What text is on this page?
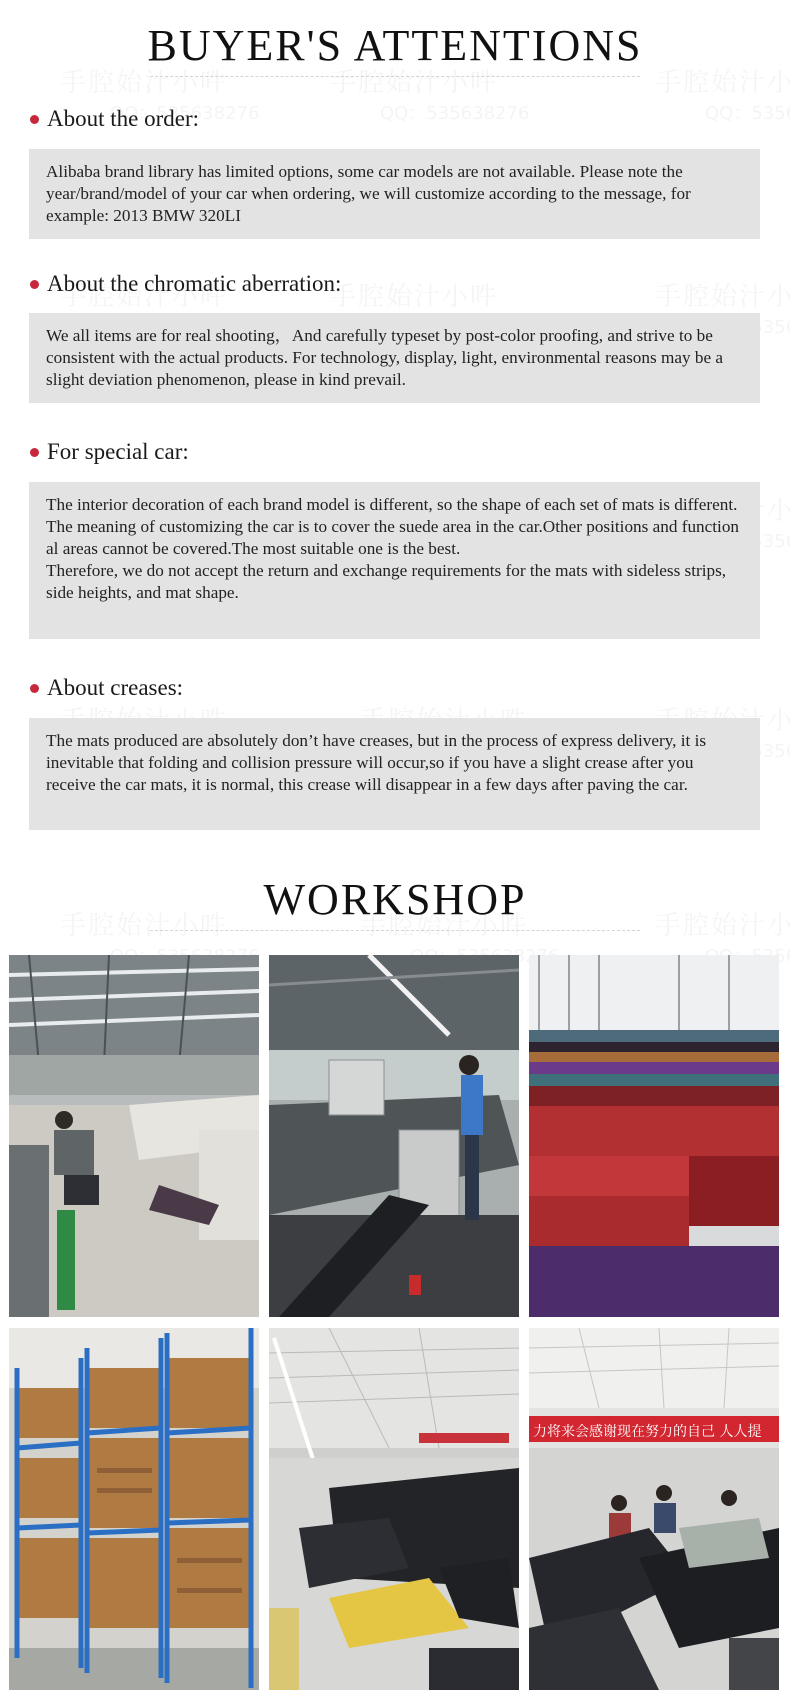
BUYER'S ATTENTIONS
About the order:

Alibaba brand library has limited options, some car models are not available. Please note the year/brand/model of your car when ordering, we will customize according to the message, for example: 2013 BMW 320LI

About the chromatic aberration:

We all items are for real shooting，And carefully typeset by post-color proofing, and strive to be consistent with the actual products. For technology, display, light, environmental reasons may be a slight deviation phenomenon, please in kind prevail.

For special car:

The interior decoration of each brand model is different, so the shape of each set of mats is different. The meaning of customizing the car is to cover the suede area in the car.Other positions and functional areas cannot be covered.The most suitable one is the best.

Therefore, we do not accept the return and exchange requirements for the mats with sideless strips, side heights, and mat shape.

About creases:

The mats produced are absolutely don’t have creases, but in the process of express delivery, it is inevitable that folding and collision pressure will occur,so if you have a slight crease after you receive the car mats, it is normal, this crease will disappear in a few days after paving the car.

WORKSHOP
力将来会感谢现在努力的自己 人人提
